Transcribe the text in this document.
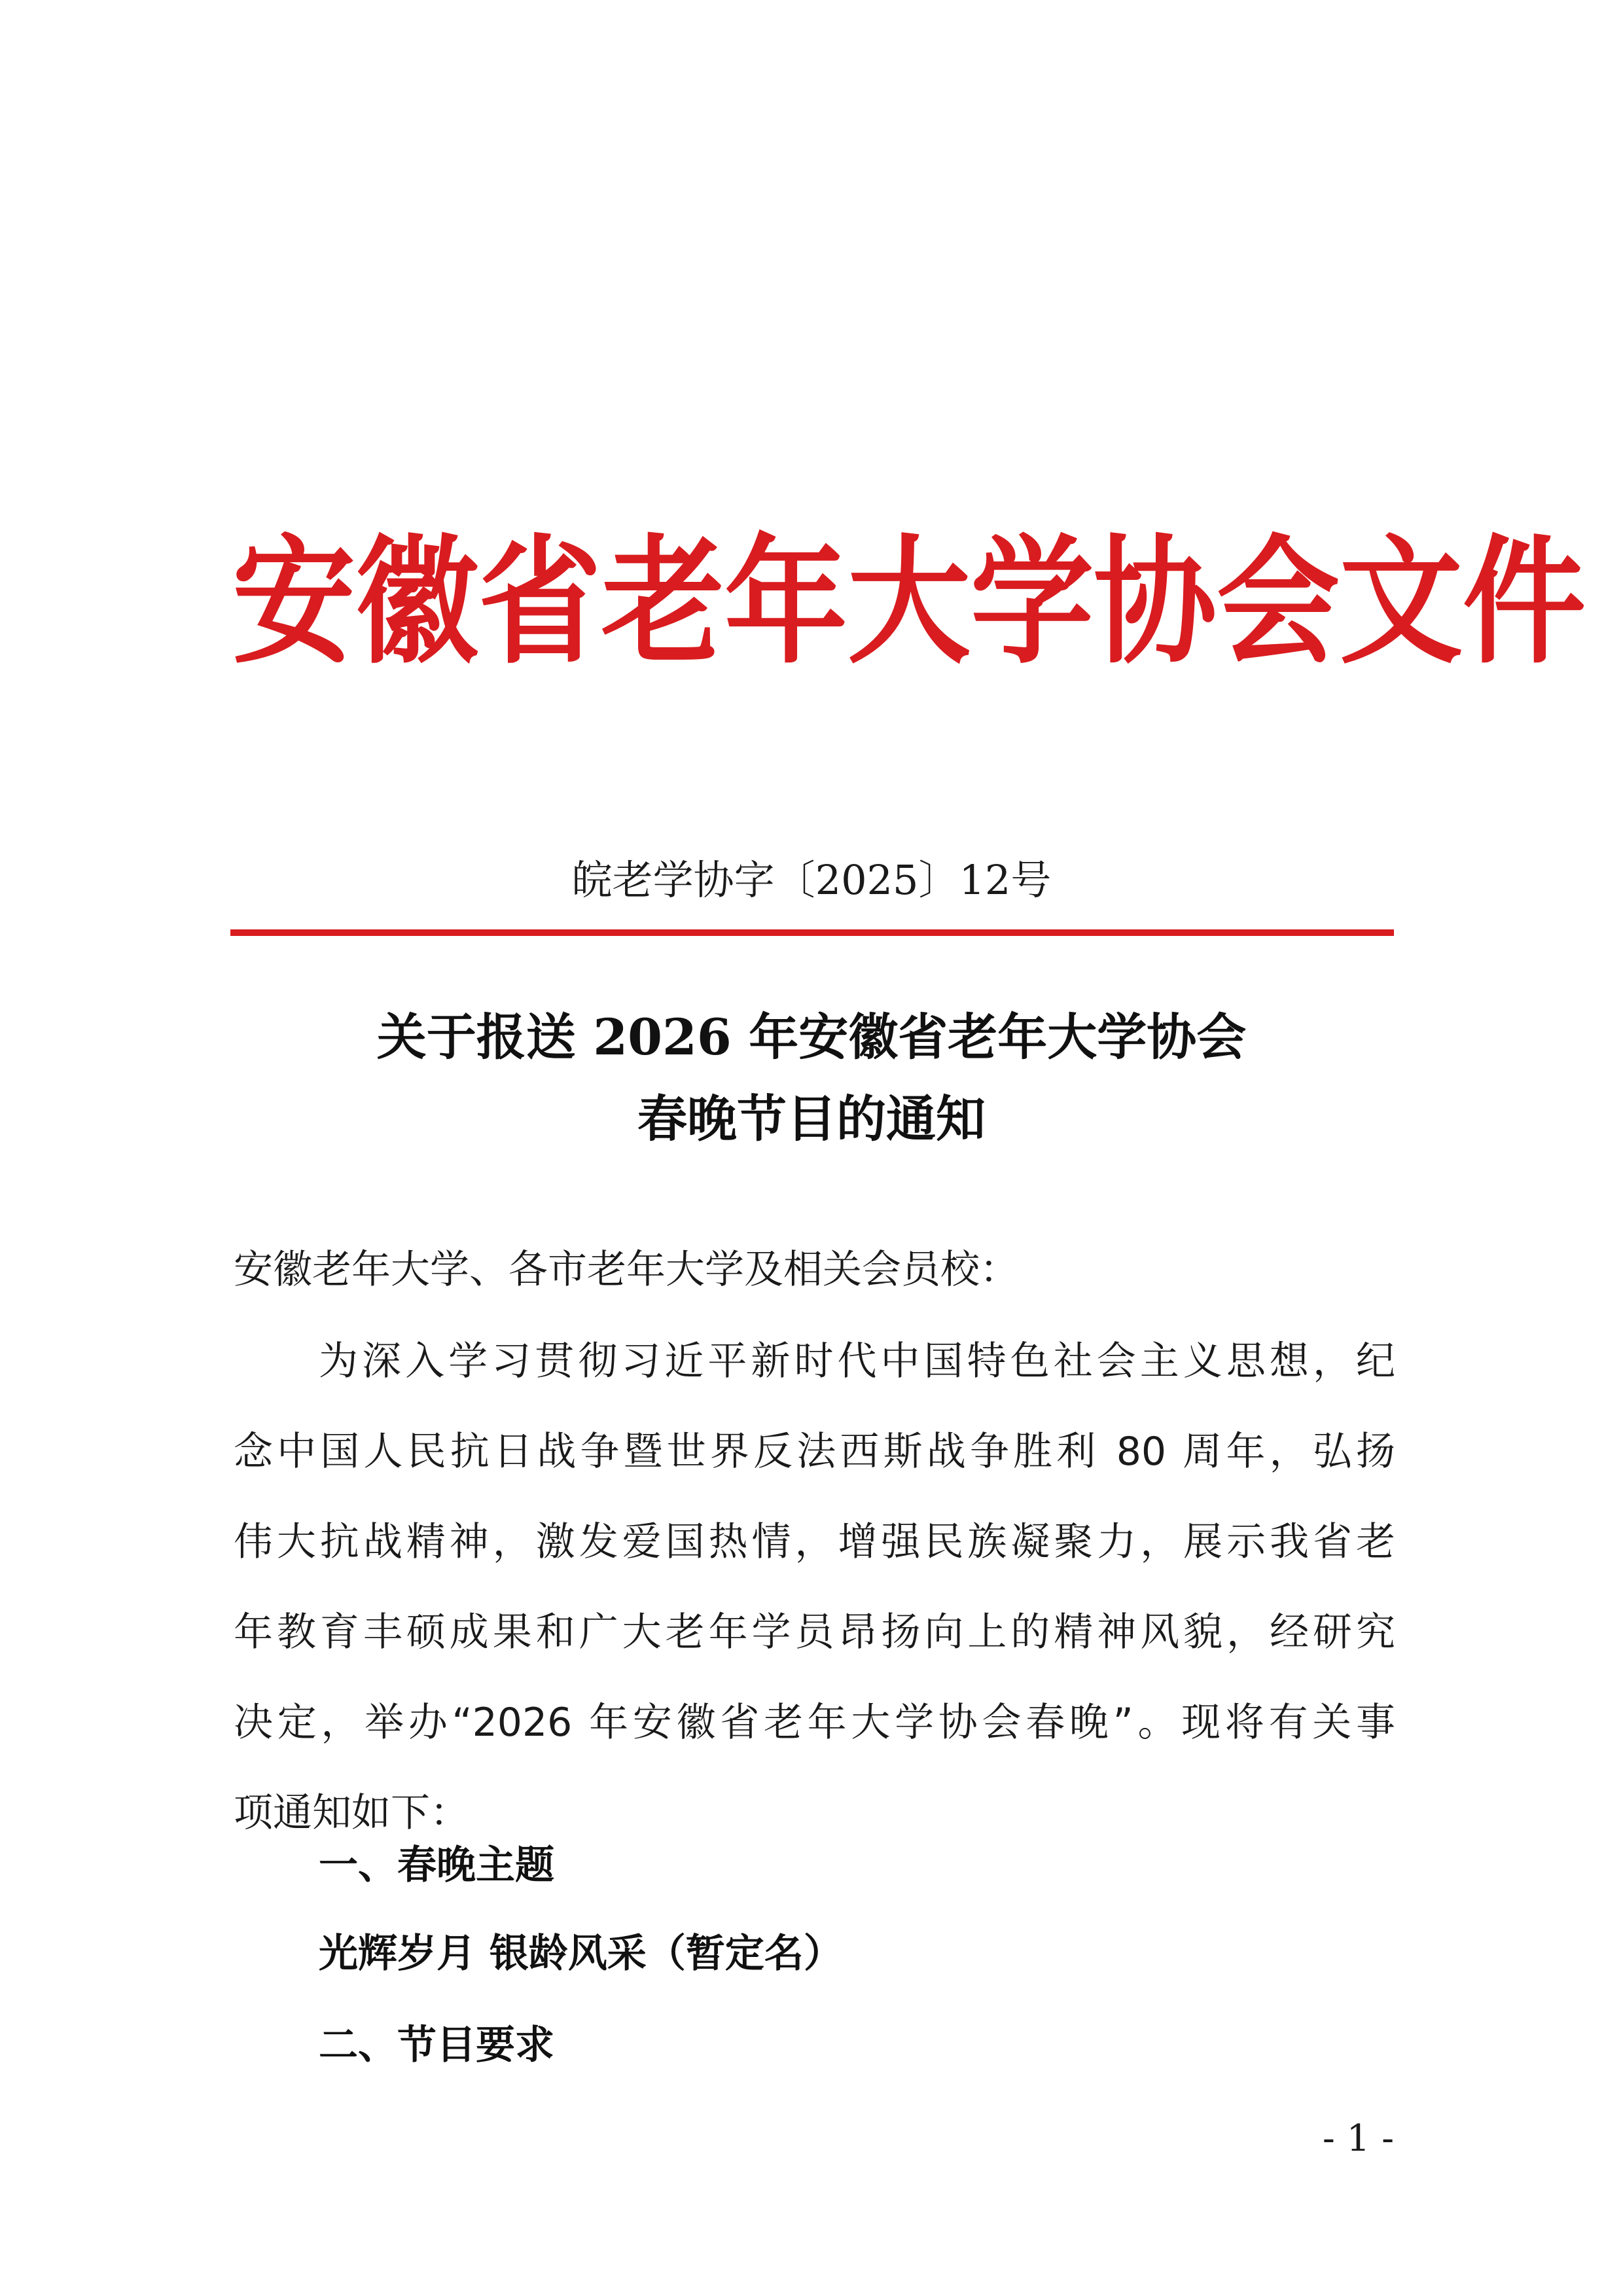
安徽省老年大学协会文件
皖老学协字〔2025〕12号
关于报送 2026 年安徽省老年大学协会
春晚节目的通知
安徽老年大学、各市老年大学及相关会员校：
为深入学习贯彻习近平新时代中国特色社会主义思想，纪
念中国人民抗日战争暨世界反法西斯战争胜利 80 周年，弘扬
伟大抗战精神，激发爱国热情，增强民族凝聚力，展示我省老
年教育丰硕成果和广大老年学员昂扬向上的精神风貌，经研究
决定，举办“2026 年安徽省老年大学协会春晚”。现将有关事
项通知如下：
一、春晚主题
光辉岁月 银龄风采（暂定名）
二、节目要求
- 1 -
